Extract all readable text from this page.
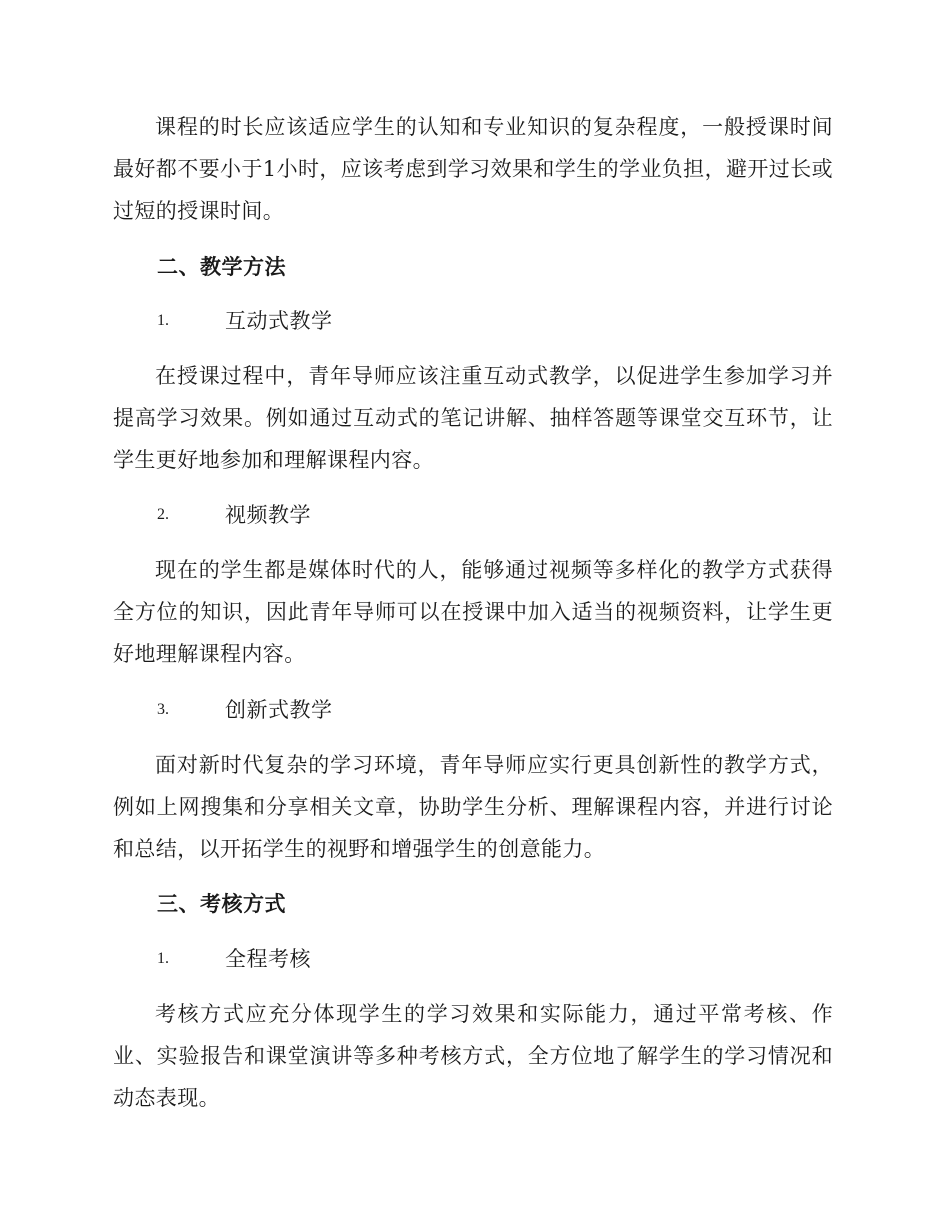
课程的时长应该适应学生的认知和专业知识的复杂程度，一般授课时间最好都不要小于1小时，应该考虑到学习效果和学生的学业负担，避开过长或过短的授课时间。

二、教学方法
1.	互动式教学

在授课过程中，青年导师应该注重互动式教学，以促进学生参加学习并提高学习效果。例如通过互动式的笔记讲解、抽样答题等课堂交互环节，让学生更好地参加和理解课程内容。

2.	视频教学

现在的学生都是媒体时代的人，能够通过视频等多样化的教学方式获得全方位的知识，因此青年导师可以在授课中加入适当的视频资料，让学生更好地理解课程内容。

3.	创新式教学

面对新时代复杂的学习环境，青年导师应实行更具创新性的教学方式，例如上网搜集和分享相关文章，协助学生分析、理解课程内容，并进行讨论和总结，以开拓学生的视野和增强学生的创意能力。

三、考核方式
1.	全程考核

考核方式应充分体现学生的学习效果和实际能力，通过平常考核、作业、实验报告和课堂演讲等多种考核方式，全方位地了解学生的学习情况和动态表现。
